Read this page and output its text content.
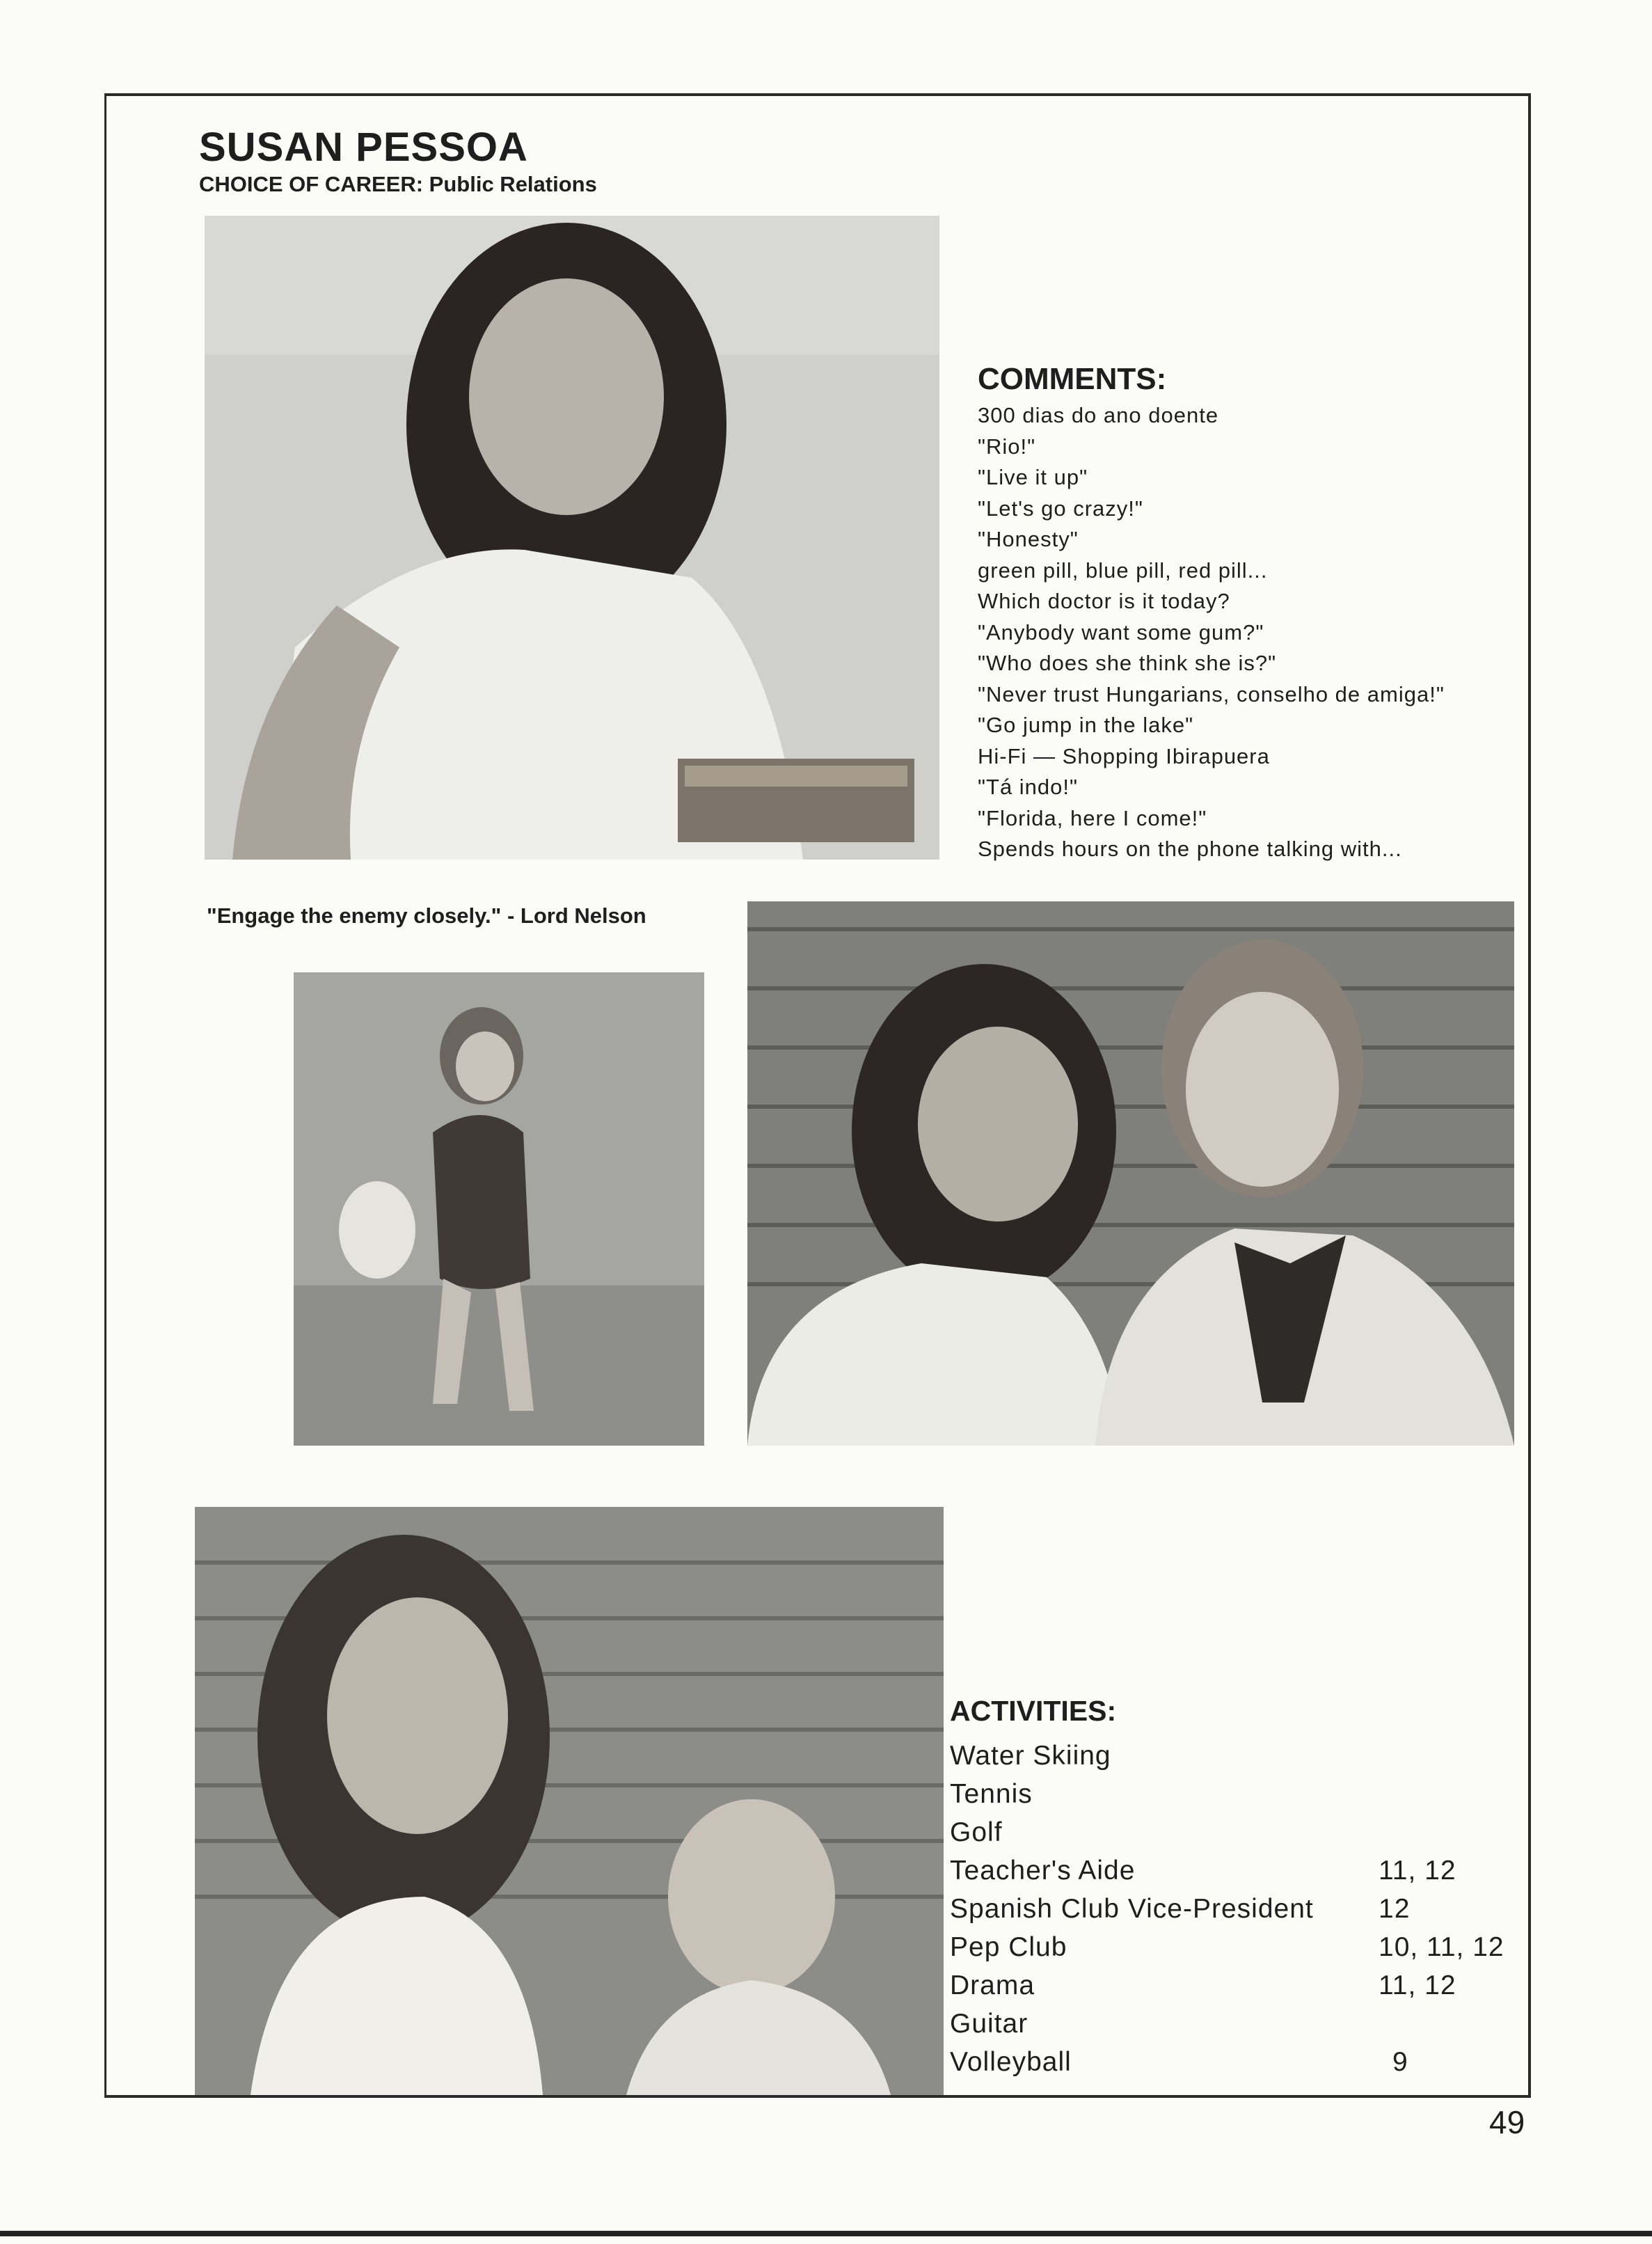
SUSAN PESSOA
CHOICE OF CAREER: Public Relations
COMMENTS:
300 dias do ano doente
"Rio!"
"Live it up"
"Let's go crazy!"
"Honesty"
green pill, blue pill, red pill...
Which doctor is it today?
"Anybody want some gum?"
"Who does she think she is?"
"Never trust Hungarians, conselho de amiga!"
"Go jump in the lake"
Hi-Fi — Shopping Ibirapuera
"Tá indo!"
"Florida, here I come!"
Spends hours on the phone talking with...
"Engage the enemy closely." - Lord Nelson
ACTIVITIES:
Water Skiing
Tennis
Golf
Teacher's Aide	11, 12
Spanish Club Vice-President 12
Pep Club	10, 11, 12
Drama	11, 12
Guitar
Volleyball	9
49
